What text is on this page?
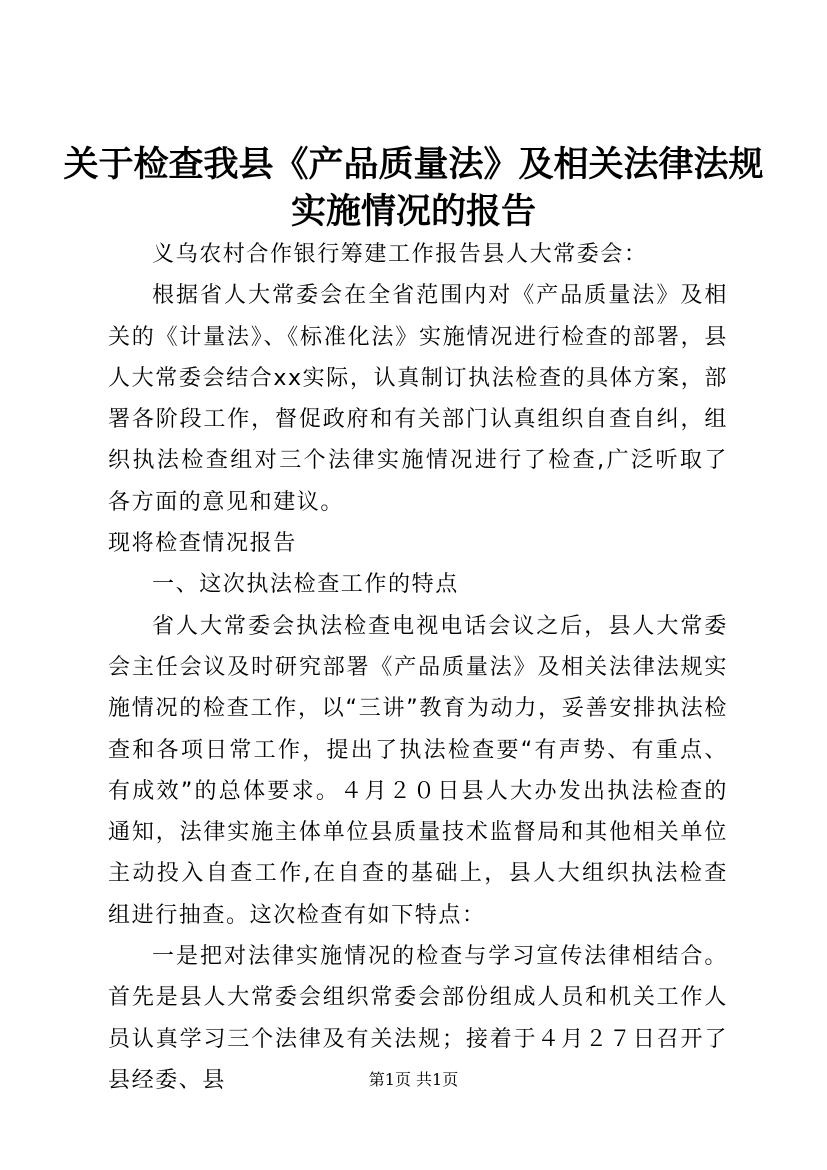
关于检查我县《产品质量法》及相关法律法规
实施情况的报告

义乌农村合作银行筹建工作报告县人大常委会：

根据省人大常委会在全省范围内对《产品质量法》及相关的《计量法》、《标准化法》实施情况进行检查的部署，县人大常委会结合xx实际，认真制订执法检查的具体方案，部署各阶段工作，督促政府和有关部门认真组织自查自纠，组织执法检查组对三个法律实施情况进行了检查,广泛听取了各方面的意见和建议。

现将检查情况报告

一、这次执法检查工作的特点

省人大常委会执法检查电视电话会议之后，县人大常委会主任会议及时研究部署《产品质量法》及相关法律法规实施情况的检查工作，以“三讲”教育为动力，妥善安排执法检查和各项日常工作，提出了执法检查要“有声势、有重点、有成效”的总体要求。４月２０日县人大办发出执法检查的通知，法律实施主体单位县质量技术监督局和其他相关单位主动投入自查工作,在自查的基础上，县人大组织执法检查组进行抽查。这次检查有如下特点：

一是把对法律实施情况的检查与学习宣传法律相结合。首先是县人大常委会组织常委会部份组成人员和机关工作人员认真学习三个法律及有关法规；接着于４月２７日召开了县经委、县	第1页 共1页
